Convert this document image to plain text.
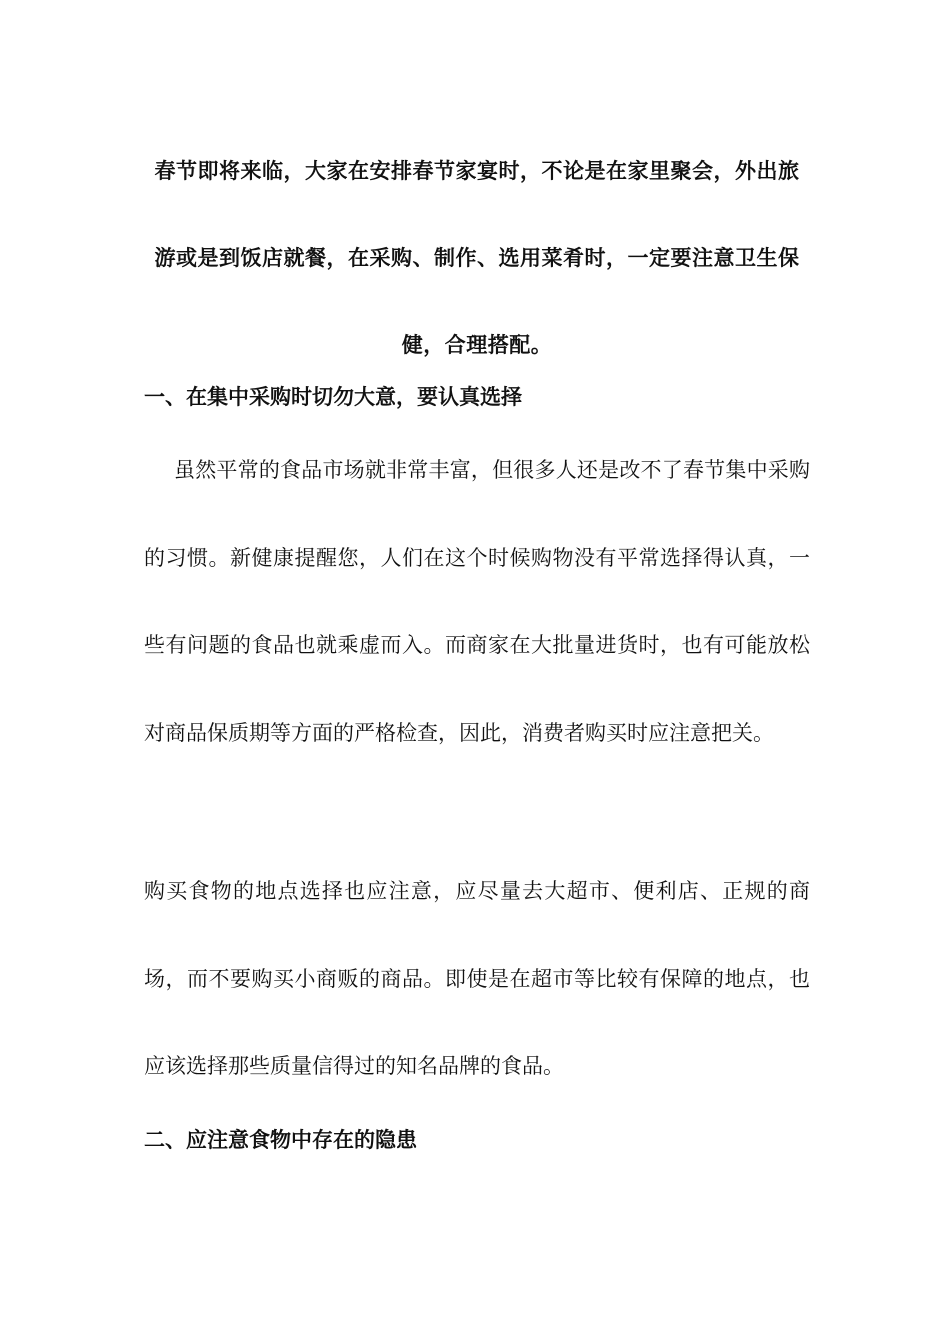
春节即将来临，大家在安排春节家宴时，不论是在家里聚会，外出旅游或是到饭店就餐，在采购、制作、选用菜肴时，一定要注意卫生保健，合理搭配。

一、在集中采购时切勿大意，要认真选择

虽然平常的食品市场就非常丰富，但很多人还是改不了春节集中采购的习惯。新健康提醒您，人们在这个时候购物没有平常选择得认真，一些有问题的食品也就乘虚而入。而商家在大批量进货时，也有可能放松对商品保质期等方面的严格检查，因此，消费者购买时应注意把关。

购买食物的地点选择也应注意，应尽量去大超市、便利店、正规的商场，而不要购买小商贩的商品。即使是在超市等比较有保障的地点，也应该选择那些质量信得过的知名品牌的食品。

二、应注意食物中存在的隐患
